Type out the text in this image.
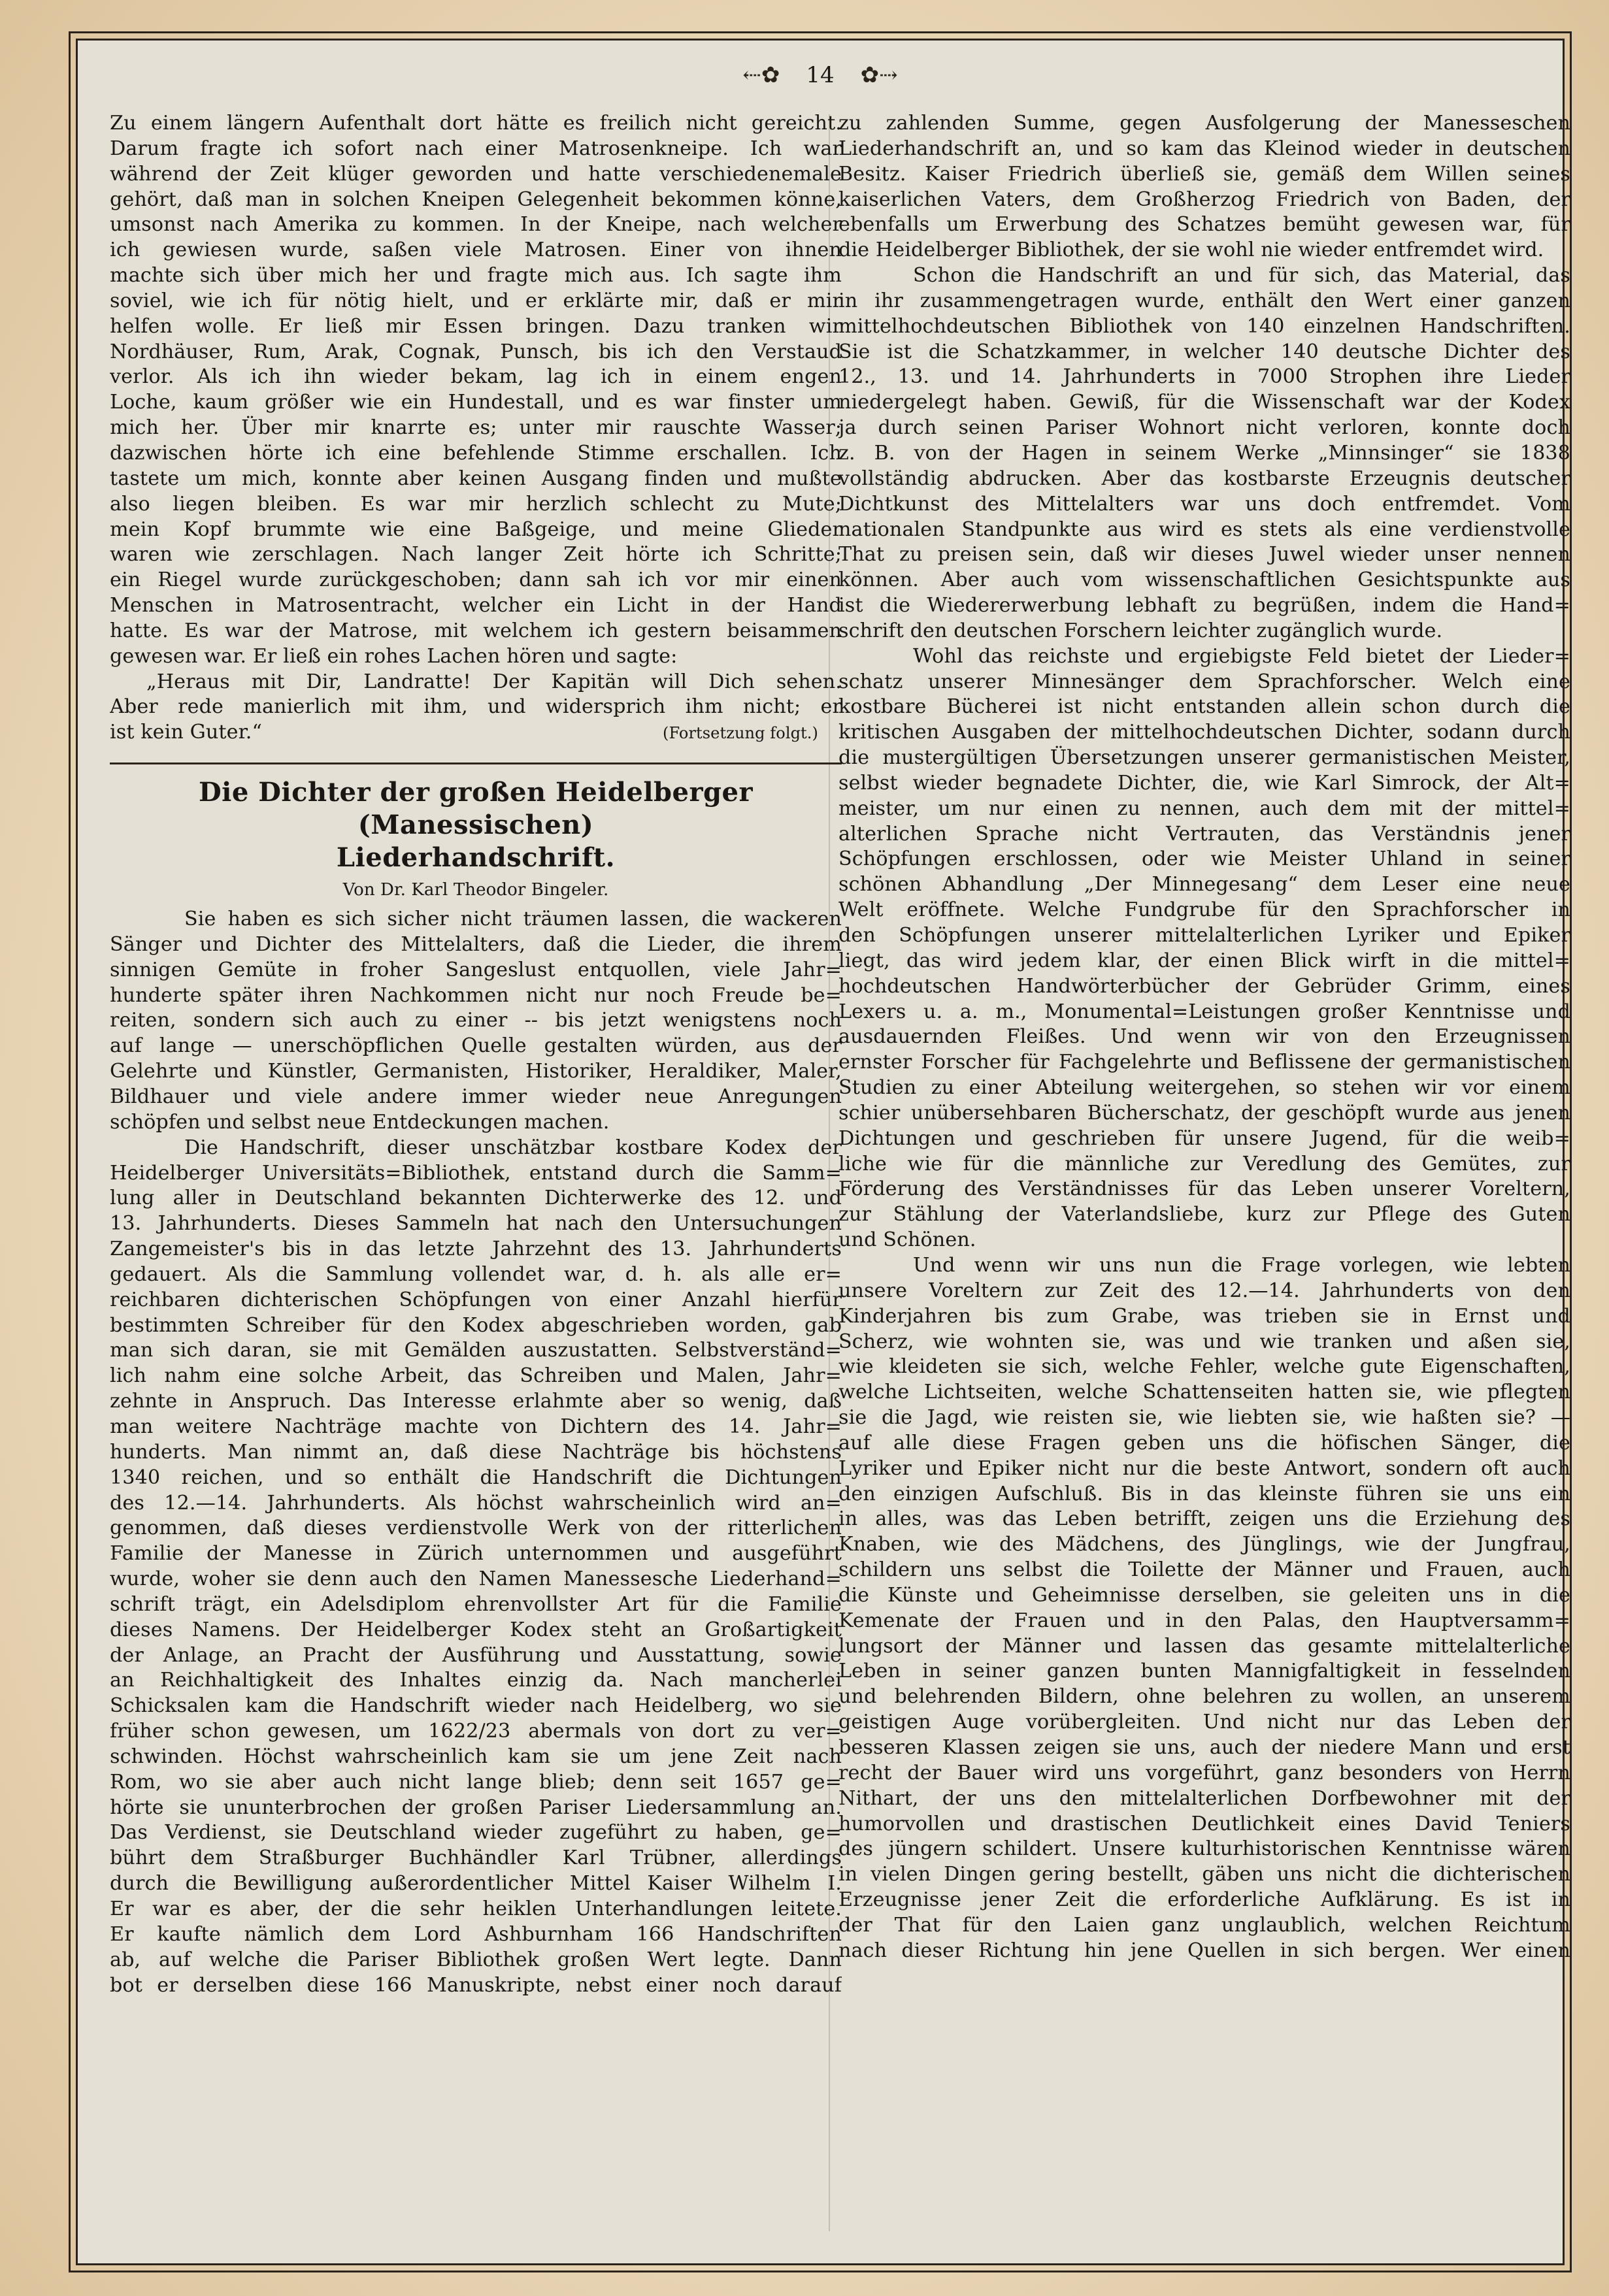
⇠✿ 14 ✿⇢
Zu einem längern Aufenthalt dort hätte es freilich nicht gereicht.
Darum fragte ich sofort nach einer Matrosenkneipe. Ich war
während der Zeit klüger geworden und hatte verschiedenemale
gehört, daß man in solchen Kneipen Gelegenheit bekommen könne,
umsonst nach Amerika zu kommen. In der Kneipe, nach welcher
ich gewiesen wurde, saßen viele Matrosen. Einer von ihnen
machte sich über mich her und fragte mich aus. Ich sagte ihm
soviel, wie ich für nötig hielt, und er erklärte mir, daß er mir
helfen wolle. Er ließ mir Essen bringen. Dazu tranken wir
Nordhäuser, Rum, Arak, Cognak, Punsch, bis ich den Verstaud
verlor. Als ich ihn wieder bekam, lag ich in einem engen
Loche, kaum größer wie ein Hundestall, und es war finster um
mich her. Über mir knarrte es; unter mir rauschte Wasser;
dazwischen hörte ich eine befehlende Stimme erschallen. Ich
tastete um mich, konnte aber keinen Ausgang finden und mußte
also liegen bleiben. Es war mir herzlich schlecht zu Mute;
mein Kopf brummte wie eine Baßgeige, und meine Glieder
waren wie zerschlagen. Nach langer Zeit hörte ich Schritte;
ein Riegel wurde zurückgeschoben; dann sah ich vor mir einen
Menschen in Matrosentracht, welcher ein Licht in der Hand
hatte. Es war der Matrose, mit welchem ich gestern beisammen
gewesen war. Er ließ ein rohes Lachen hören und sagte:
„Heraus mit Dir, Landratte! Der Kapitän will Dich sehen.
Aber rede manierlich mit ihm, und widersprich ihm nicht; er
ist kein Guter.“	(Fortsetzung folgt.)
Die Dichter der großen Heidelberger (Manessischen)
Liederhandschrift.
Von Dr. Karl Theodor Bingeler.
Sie haben es sich sicher nicht träumen lassen, die wackeren
Sänger und Dichter des Mittelalters, daß die Lieder, die ihrem
sinnigen Gemüte in froher Sangeslust entquollen, viele Jahr=
hunderte später ihren Nachkommen nicht nur noch Freude be=
reiten, sondern sich auch zu einer -- bis jetzt wenigstens noch
auf lange — unerschöpflichen Quelle gestalten würden, aus der
Gelehrte und Künstler, Germanisten, Historiker, Heraldiker, Maler,
Bildhauer und viele andere immer wieder neue Anregungen
schöpfen und selbst neue Entdeckungen machen.
Die Handschrift, dieser unschätzbar kostbare Kodex der
Heidelberger Universitäts=Bibliothek, entstand durch die Samm=
lung aller in Deutschland bekannten Dichterwerke des 12. und
13. Jahrhunderts. Dieses Sammeln hat nach den Untersuchungen
Zangemeister's bis in das letzte Jahrzehnt des 13. Jahrhunderts
gedauert. Als die Sammlung vollendet war, d. h. als alle er=
reichbaren dichterischen Schöpfungen von einer Anzahl hierfür
bestimmten Schreiber für den Kodex abgeschrieben worden, gab
man sich daran, sie mit Gemälden auszustatten. Selbstverständ=
lich nahm eine solche Arbeit, das Schreiben und Malen, Jahr=
zehnte in Anspruch. Das Interesse erlahmte aber so wenig, daß
man weitere Nachträge machte von Dichtern des 14. Jahr=
hunderts. Man nimmt an, daß diese Nachträge bis höchstens
1340 reichen, und so enthält die Handschrift die Dichtungen
des 12.—14. Jahrhunderts. Als höchst wahrscheinlich wird an=
genommen, daß dieses verdienstvolle Werk von der ritterlichen
Familie der Manesse in Zürich unternommen und ausgeführt
wurde, woher sie denn auch den Namen Manessesche Liederhand=
schrift trägt, ein Adelsdiplom ehrenvollster Art für die Familie
dieses Namens. Der Heidelberger Kodex steht an Großartigkeit
der Anlage, an Pracht der Ausführung und Ausstattung, sowie
an Reichhaltigkeit des Inhaltes einzig da. Nach mancherlei
Schicksalen kam die Handschrift wieder nach Heidelberg, wo sie
früher schon gewesen, um 1622/23 abermals von dort zu ver=
schwinden. Höchst wahrscheinlich kam sie um jene Zeit nach
Rom, wo sie aber auch nicht lange blieb; denn seit 1657 ge=
hörte sie ununterbrochen der großen Pariser Liedersammlung an.
Das Verdienst, sie Deutschland wieder zugeführt zu haben, ge=
bührt dem Straßburger Buchhändler Karl Trübner, allerdings
durch die Bewilligung außerordentlicher Mittel Kaiser Wilhelm I.
Er war es aber, der die sehr heiklen Unterhandlungen leitete.
Er kaufte nämlich dem Lord Ashburnham 166 Handschriften
ab, auf welche die Pariser Bibliothek großen Wert legte. Dann
bot er derselben diese 166 Manuskripte, nebst einer noch darauf
zu zahlenden Summe, gegen Ausfolgerung der Manesseschen
Liederhandschrift an, und so kam das Kleinod wieder in deutschen
Besitz. Kaiser Friedrich überließ sie, gemäß dem Willen seines
kaiserlichen Vaters, dem Großherzog Friedrich von Baden, der
ebenfalls um Erwerbung des Schatzes bemüht gewesen war, für
die Heidelberger Bibliothek, der sie wohl nie wieder entfremdet wird.
Schon die Handschrift an und für sich, das Material, das
in ihr zusammengetragen wurde, enthält den Wert einer ganzen
mittelhochdeutschen Bibliothek von 140 einzelnen Handschriften.
Sie ist die Schatzkammer, in welcher 140 deutsche Dichter des
12., 13. und 14. Jahrhunderts in 7000 Strophen ihre Lieder
niedergelegt haben. Gewiß, für die Wissenschaft war der Kodex
ja durch seinen Pariser Wohnort nicht verloren, konnte doch
z. B. von der Hagen in seinem Werke „Minnsinger“ sie 1838
vollständig abdrucken. Aber das kostbarste Erzeugnis deutscher
Dichtkunst des Mittelalters war uns doch entfremdet. Vom
nationalen Standpunkte aus wird es stets als eine verdienstvolle
That zu preisen sein, daß wir dieses Juwel wieder unser nennen
können. Aber auch vom wissenschaftlichen Gesichtspunkte aus
ist die Wiedererwerbung lebhaft zu begrüßen, indem die Hand=
schrift den deutschen Forschern leichter zugänglich wurde.
Wohl das reichste und ergiebigste Feld bietet der Lieder=
schatz unserer Minnesänger dem Sprachforscher. Welch eine
kostbare Bücherei ist nicht entstanden allein schon durch die
kritischen Ausgaben der mittelhochdeutschen Dichter, sodann durch
die mustergültigen Übersetzungen unserer germanistischen Meister,
selbst wieder begnadete Dichter, die, wie Karl Simrock, der Alt=
meister, um nur einen zu nennen, auch dem mit der mittel=
alterlichen Sprache nicht Vertrauten, das Verständnis jener
Schöpfungen erschlossen, oder wie Meister Uhland in seiner
schönen Abhandlung „Der Minnegesang“ dem Leser eine neue
Welt eröffnete. Welche Fundgrube für den Sprachforscher in
den Schöpfungen unserer mittelalterlichen Lyriker und Epiker
liegt, das wird jedem klar, der einen Blick wirft in die mittel=
hochdeutschen Handwörterbücher der Gebrüder Grimm, eines
Lexers u. a. m., Monumental=Leistungen großer Kenntnisse und
ausdauernden Fleißes. Und wenn wir von den Erzeugnissen
ernster Forscher für Fachgelehrte und Beflissene der germanistischen
Studien zu einer Abteilung weitergehen, so stehen wir vor einem
schier unübersehbaren Bücherschatz, der geschöpft wurde aus jenen
Dichtungen und geschrieben für unsere Jugend, für die weib=
liche wie für die männliche zur Veredlung des Gemütes, zur
Förderung des Verständnisses für das Leben unserer Voreltern,
zur Stählung der Vaterlandsliebe, kurz zur Pflege des Guten
und Schönen.
Und wenn wir uns nun die Frage vorlegen, wie lebten
unsere Voreltern zur Zeit des 12.—14. Jahrhunderts von den
Kinderjahren bis zum Grabe, was trieben sie in Ernst und
Scherz, wie wohnten sie, was und wie tranken und aßen sie,
wie kleideten sie sich, welche Fehler, welche gute Eigenschaften,
welche Lichtseiten, welche Schattenseiten hatten sie, wie pflegten
sie die Jagd, wie reisten sie, wie liebten sie, wie haßten sie? —
auf alle diese Fragen geben uns die höfischen Sänger, die
Lyriker und Epiker nicht nur die beste Antwort, sondern oft auch
den einzigen Aufschluß. Bis in das kleinste führen sie uns ein
in alles, was das Leben betrifft, zeigen uns die Erziehung des
Knaben, wie des Mädchens, des Jünglings, wie der Jungfrau,
schildern uns selbst die Toilette der Männer und Frauen, auch
die Künste und Geheimnisse derselben, sie geleiten uns in die
Kemenate der Frauen und in den Palas, den Hauptversamm=
lungsort der Männer und lassen das gesamte mittelalterliche
Leben in seiner ganzen bunten Mannigfaltigkeit in fesselnden
und belehrenden Bildern, ohne belehren zu wollen, an unserem
geistigen Auge vorübergleiten. Und nicht nur das Leben der
besseren Klassen zeigen sie uns, auch der niedere Mann und erst
recht der Bauer wird uns vorgeführt, ganz besonders von Herrn
Nithart, der uns den mittelalterlichen Dorfbewohner mit der
humorvollen und drastischen Deutlichkeit eines David Teniers
des jüngern schildert. Unsere kulturhistorischen Kenntnisse wären
in vielen Dingen gering bestellt, gäben uns nicht die dichterischen
Erzeugnisse jener Zeit die erforderliche Aufklärung. Es ist in
der That für den Laien ganz unglaublich, welchen Reichtum
nach dieser Richtung hin jene Quellen in sich bergen. Wer einen
